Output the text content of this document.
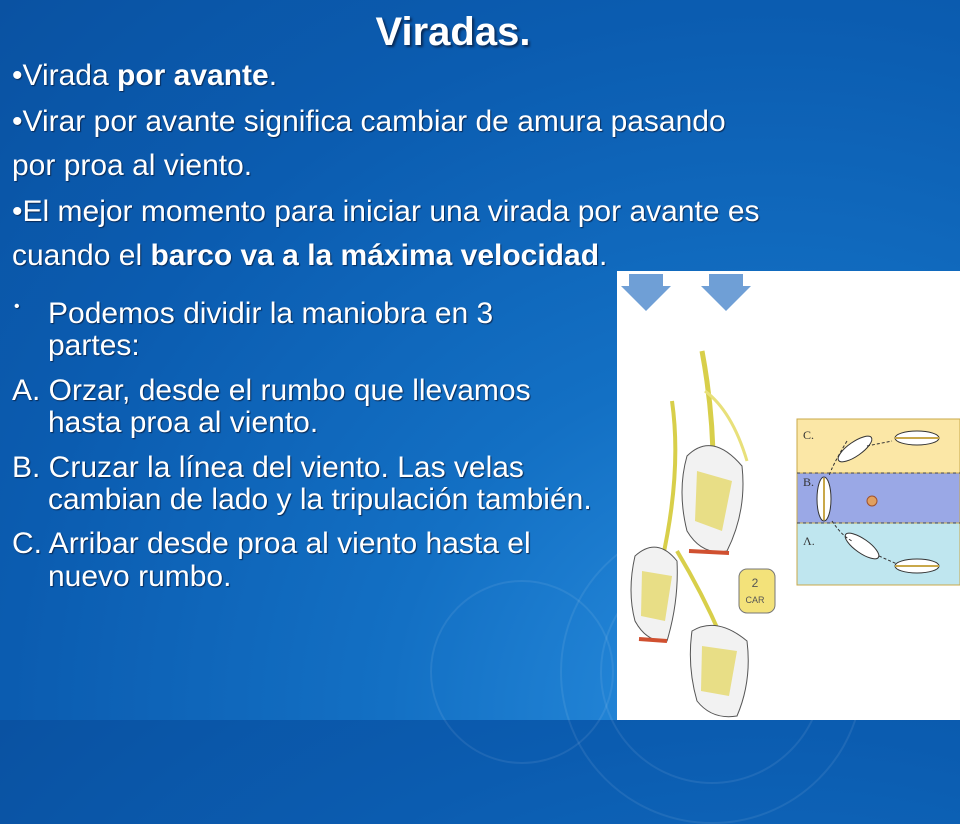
Viradas.
•Virada por avante.
•Virar por avante significa cambiar de amura pasando
por proa al viento.
•El mejor momento para iniciar una virada por avante es
cuando el barco va a la máxima velocidad.
• Podemos dividir la maniobra en 3 partes:
A. Orzar, desde el rumbo que llevamos hasta proa al viento.
B. Cruzar la línea del viento. Las velas cambian de lado y la tripulación también.
C. Arribar desde proa al viento hasta el nuevo rumbo.
C.
B.
Λ.
2
CAR
